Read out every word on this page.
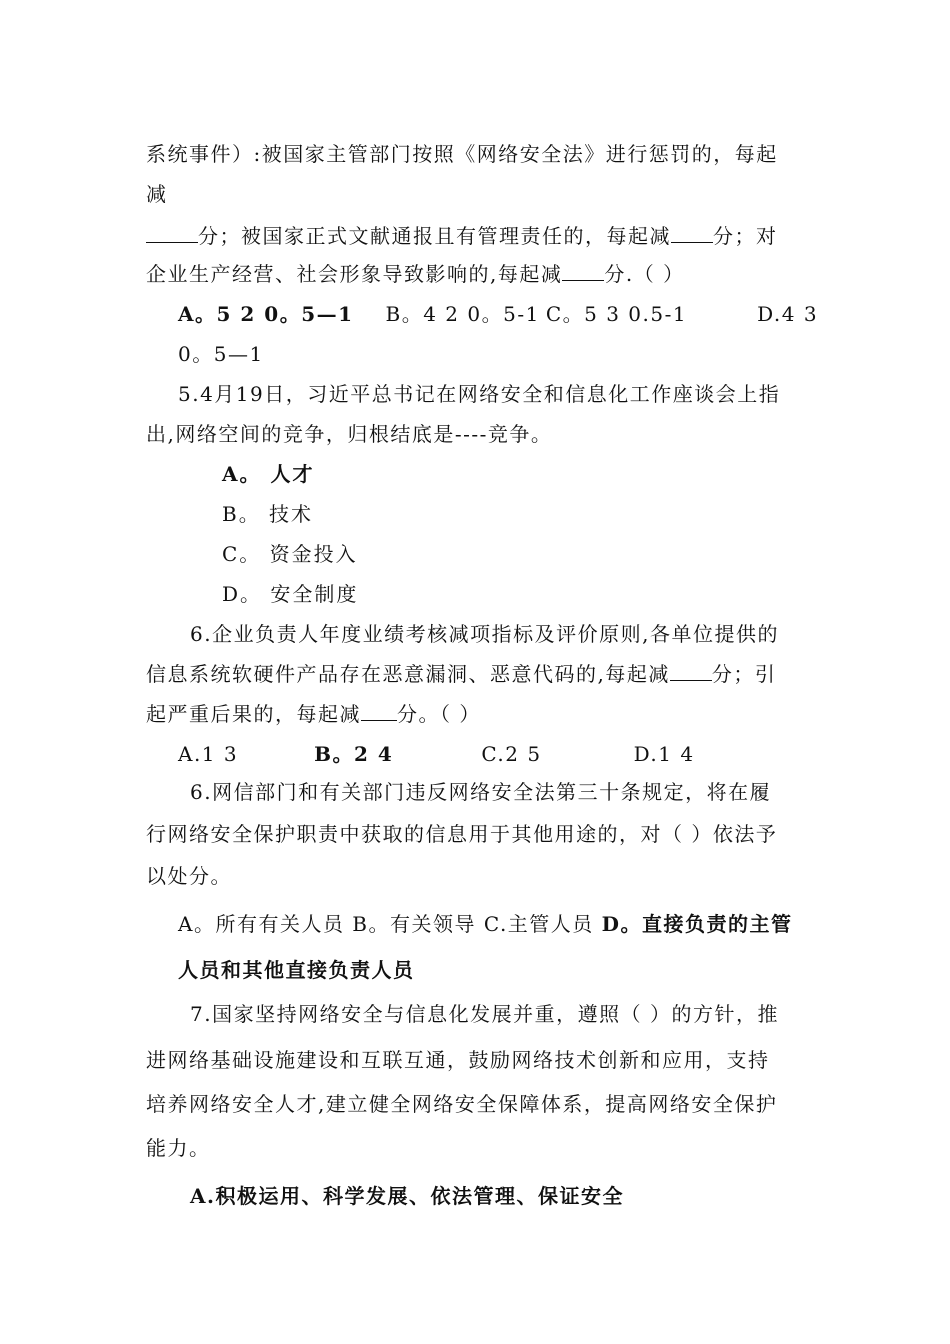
系统事件）:被国家主管部门按照《网络安全法》进行惩罚的，每起
减
分；被国家正式文献通报且有管理责任的，每起减 分；对
企业生产经营、社会形象导致影响的,每起减 分.（ ）
A。5 2 0。5—1 B。4 2 0。5-1 C。5 3 0.5-1	D.4 3
0。5—1
5.4月19日，习近平总书记在网络安全和信息化工作座谈会上指
出,网络空间的竞争，归根结底是----竞争。
A。 人才
B。 技术
C。 资金投入
D。 安全制度
6.企业负责人年度业绩考核减项指标及评价原则,各单位提供的
信息系统软硬件产品存在恶意漏洞、恶意代码的,每起减 分；引
起严重后果的，每起减 分。（ ）
A.1 3	B。2 4	C.2 5	D.1 4
6.网信部门和有关部门违反网络安全法第三十条规定，将在履
行网络安全保护职责中获取的信息用于其他用途的，对（ ）依法予
以处分。
A。所有有关人员 B。有关领导 C.主管人员 D。直接负责的主管
人员和其他直接负责人员
7.国家坚持网络安全与信息化发展并重，遵照（ ）的方针，推
进网络基础设施建设和互联互通，鼓励网络技术创新和应用，支持
培养网络安全人才,建立健全网络安全保障体系，提高网络安全保护
能力。
A.积极运用、科学发展、依法管理、保证安全
